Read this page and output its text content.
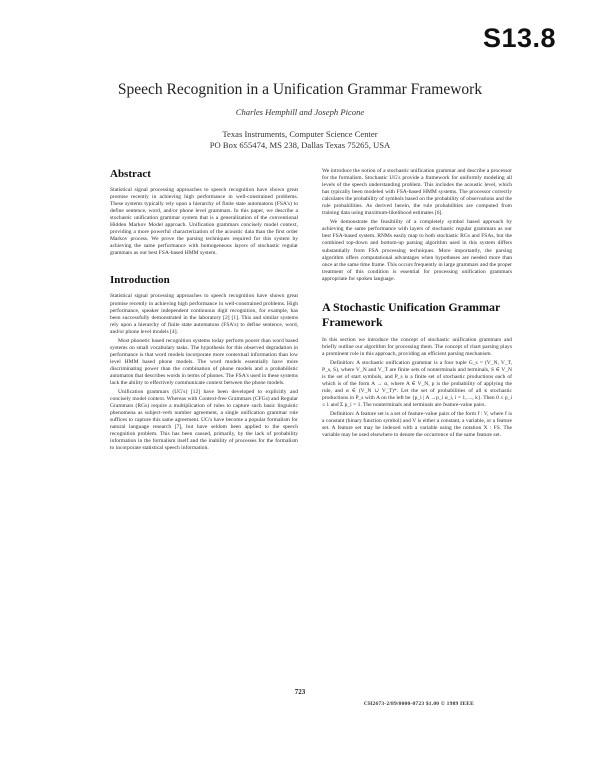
S13.8
Speech Recognition in a Unification Grammar Framework
Charles Hemphill and Joseph Picone
Texas Instruments, Computer Science Center
PO Box 655474, MS 238, Dallas Texas 75265, USA
Abstract

Statistical signal processing approaches to speech recognition have shown great promise recently in achieving high performance in well-constrained problems. These systems typically rely upon a hierarchy of finite state automatons (FSA's) to define sentence, word, and/or phone level grammars. In this paper, we describe a stochastic unification grammar system that is a generalization of the conventional Hidden Markov Model approach. Unification grammars concisely model context, providing a more powerful characterization of the acoustic data than the first order Markov process. We prove the parsing techniques required for this system by achieving the same performance with homogeneous layers of stochastic regular grammars as our best FSA-based HMM system.

Introduction

Statistical signal processing approaches to speech recognition have shown great promise recently in achieving high performance in well-constrained problems. High performance, speaker independent continuous digit recognition, for example, has been successfully demonstrated in the laboratory [2] [1]. This and similar systems rely upon a hierarchy of finite state automatons (FSA's) to define sentence, word, and/or phone level models [4].

Most phonetic based recognition systems today perform poorer than word based systems on small vocabulary tasks. The hypothesis for this observed degradation in performance is that word models incorporate more contextual information than low level HMM based phone models. The word models essentially have more discriminating power than the combination of phone models and a probabilistic automaton that describes words in terms of phones. The FSA's used in these systems lack the ability to effectively communicate context between the phone models.

Unification grammars (UG's) [12] have been developed to explicitly and concisely model context. Whereas with Context-free Grammars (CFGs) and Regular Grammars (RGs) require a multiplication of rules to capture such basic linguistic phenomena as subject-verb number agreement, a single unification grammar rule suffices to capture this same agreement. UG's have become a popular formalism for natural language research [7], but have seldom been applied to the speech recognition problem. This has been caused, primarily, by the lack of probability information in the formalism itself and the inability of processes for the formalism to incorporate statistical speech information.

We introduce the notion of a stochastic unification grammar and describe a processor for the formalism. Stochastic UG's provide a framework for uniformly modeling all levels of the speech understanding problem. This includes the acoustic level, which has typically been modeled with FSA-based HMM systems. The processor correctly calculates the probability of symbols based on the probability of observations and the rule probabilities. As derived herein, the rule probabilities are computed from training data using maximum-likelihood estimates [6].

We demonstrate the feasibility of a completely symbol based approach by achieving the same performance with layers of stochastic regular grammars as our best FSA-based system. RNMs easily map to both stochastic RGs and FSAs, but the combined top-down and bottom-up parsing algorithm used in this system differs substantially from FSA processing techniques. More importantly, the parsing algorithm offers computational advantages when hypotheses are needed more than once at the same time frame. This occurs frequently in large grammars and the proper treatment of this condition is essential for processing unification grammars appropriate for spoken language.

A Stochastic Unification Grammar Framework

In this section we introduce the concept of stochastic unification grammars and briefly outline our algorithm for processing them. The concept of chart parsing plays a prominent role in this approach, providing an efficient parsing mechanism.

Definition: A stochastic unification grammar is a four tuple G_s = (V_N, V_T, P_s, S), where V_N and V_T are finite sets of nonterminals and terminals, S ∈ V_N is the set of start symbols, and P_s is a finite set of stochastic productions each of which is of the form A → α, where A ∈ V_N, p is the probability of applying the rule, and α ∈ (V_N ∪ V_T)*. Let the set of probabilities of all k stochastic productions in P_s with A on the left be {p_i | A →p_i α_i, i = 1, ..., k}. Then 0 ≤ p_i ≤ 1 and Σ p_i = 1. The nonterminals and terminals are feature-value pairs.

Definition: A feature set is a set of feature-value pairs of the form f : V, where f is a constant (binary function symbol) and V is either a constant, a variable, or a feature set. A feature set may be indexed with a variable using the notation X : FS. The variable may be used elsewhere to denote the occurrence of the same feature set.

723
CH2673-2/89/0000-0723 $1.00 © 1989 IEEE
